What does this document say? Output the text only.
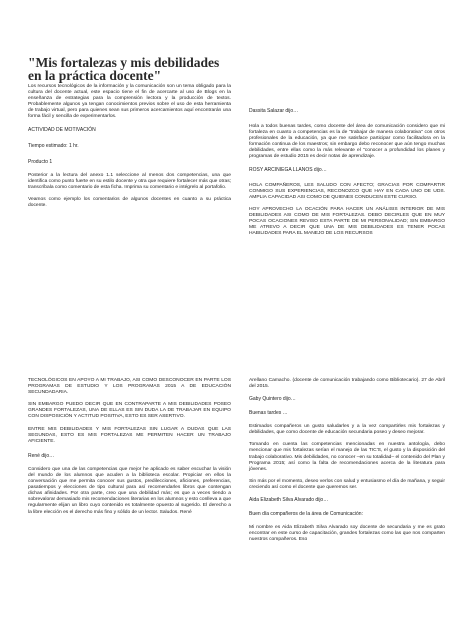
"Mis fortalezas y mis debilidades en la práctica docente"

Los recursos tecnológicos de la información y la comunicación son un tema obligado para la cultura del docente actual, este espacio tiene el fin de acercarte al uso de Blogs en la enseñanza de estrategias para la comprensión lectora y la producción de textos. Probablemente algunos ya tengan conocimientos previos sobre el uso de esta herramienta de trabajo virtual, pero para quienes sean sus primeros acercamientos aquí encontrarán una forma fácil y sencilla de experimentarlos.

ACTIVIDAD DE MOTIVACIÓN

Tiempo estimado: 1 hr.

Producto 1

Posterior a la lectura del anexo 1.1 seleccione al menos dos competencias, una que identifica como punto fuerte en su estilo docente y otra que requiere fortalecer más que otras; transcríbala como comentario de esta ficha. Imprima su comentario e intégrelo al portafolio.

Veamos como ejemplo los comentarios de algunos docentes en cuanto a su práctica docente.

Dassita Salazar dijo…

Hola a todos buenas tardes, como docente del área de comunicación considero que mi fortaleza en cuanto a competencias es la de "trabajar de manera colaborativa" con otros profesionales de la educación, ya que me satisface participar como facilitadora en la formación continua de los maestros; sin embargo debo reconocer que aún tengo muchas debilidades, entre ellas como la más relevante el "conocer a profundidad los planes y programas de estudio 2015 es decir notas de aprendizaje.

ROSY ARCINIEGA LLANOS dijo…

HOLA COMPAÑEROS, LES SALUDO CON AFECTO; GRACIAS POR COMPARTIR CONMIGO SUS EXPERIENCIAS, RECONOZCO QUE HAY EN CADA UNO DE UDS. AMPLIA CAPACIDAD ASI COMO DE QUIENES CONDUCEN ESTE CURSO.

HOY APROVECHO LA OCACIÓN PARA HACER UN ANÁLISIS INTERIOR DE MIS DEBILIDADES ASI COMO DE MIS FORTALEZAS. DEBO DECIRLES QUE EN MUY POCAS OCACIONES REVISO ESTA PARTE DE MI PERSONALIDAD; SIN EMBARGO ME ATREVO A DECIR QUE UNA DE MIS DEBILIDADES ES TENER POCAS HABILIDADES PARA EL MANEJO DE LOS RECURSOS

TECNOLÓGICOS EN APOYO A MI TRABAJO, ASI COMO DESCONOCER EN PARTE LOS PROGRAMAS DE ESTUDIO Y LOS PROGRAMAS 2015 A DE EDUCACIÓN SECUNDADARIA.

SIN EMBARGO PUEDO DECIR QUE EN CONTRAPARTE A MIS DEBILIDADES POSEO GRANDES FORTALEZAS, UNA DE ELLAS ES SIN DUDA LA DE TRABAJAR EN EQUIPO CON DISPOSICIÓN Y ACTITUD POSITIVA, ESTO ES SER ASERTIVO.

ENTRE MIS DEBILIDADES Y MIS FORTALEZAS SIN LUGAR A DUDAS QUE LAS SEGUNDAS, ESTO ES MIS FORTALEZAS ME PERMITEN HACER UN TRABAJO AFICIENTE.

René dijo…

Considero que una de las competencias que mejor he aplicado es saber escuchar la visión del mundo de los alumnos que acuden a la biblioteca escolar. Propiciar en ellos la conversación que me permita conocer sus gustos, predilecciones, aficiones, preferencias, pasatiempos y elecciones de tipo cultural para así recomendarles libros que contengan dichas afinidades. Por otra parte, creo que una debilidad más; es que a veces tiendo a sobrevalorar demasiado mis recomendaciones literarias en los alumnos y esto conlleva a que regularmente elijan un libro cuyo contenido es totalmente opuesto al sugerido. El derecho a la libre elección es el derecho más fino y sólido de un lector. Saludos. René

Arellano Camacho. (docente de comunicación trabajando como Bibliotecario). 27 de Abril del 2015.

Gaby Quintero dijo…

Buenas tardes …

Estimados compañeros un gusto saludarles y a la vez compartirles mis fortalezas y debilidades, que como docente de educación secundaria poseo y deseo mejorar.

Tomando en cuenta las competencias mencionadas en nuestra antología, debo mencionar que mis fortalezas serían el manejo de las TIC'S, el gusto y la disposición del trabajo colaborativo. Mis debilidades, no conocer –en su totalidad– el contenido del Plan y Programa 2015; así como la falta de recomendaciones acerca de la literatura para jóvenes.

Sin más por el momento, deseo verlos con salud y entusiasmo el día de mañana, y seguir creciendo así como el docente que queremos ser.

Aida Elizabeth Silva Alvarado dijo…

Buen día compañeros de la área de Comunicación:

Mi nombre es Aida Elizabeth Silva Alvarado soy docente de secundaria y me es grato encontrar en este curso de capacitación, grandes fortalezas como las que nos comparten nuestros compañeros. Eso
